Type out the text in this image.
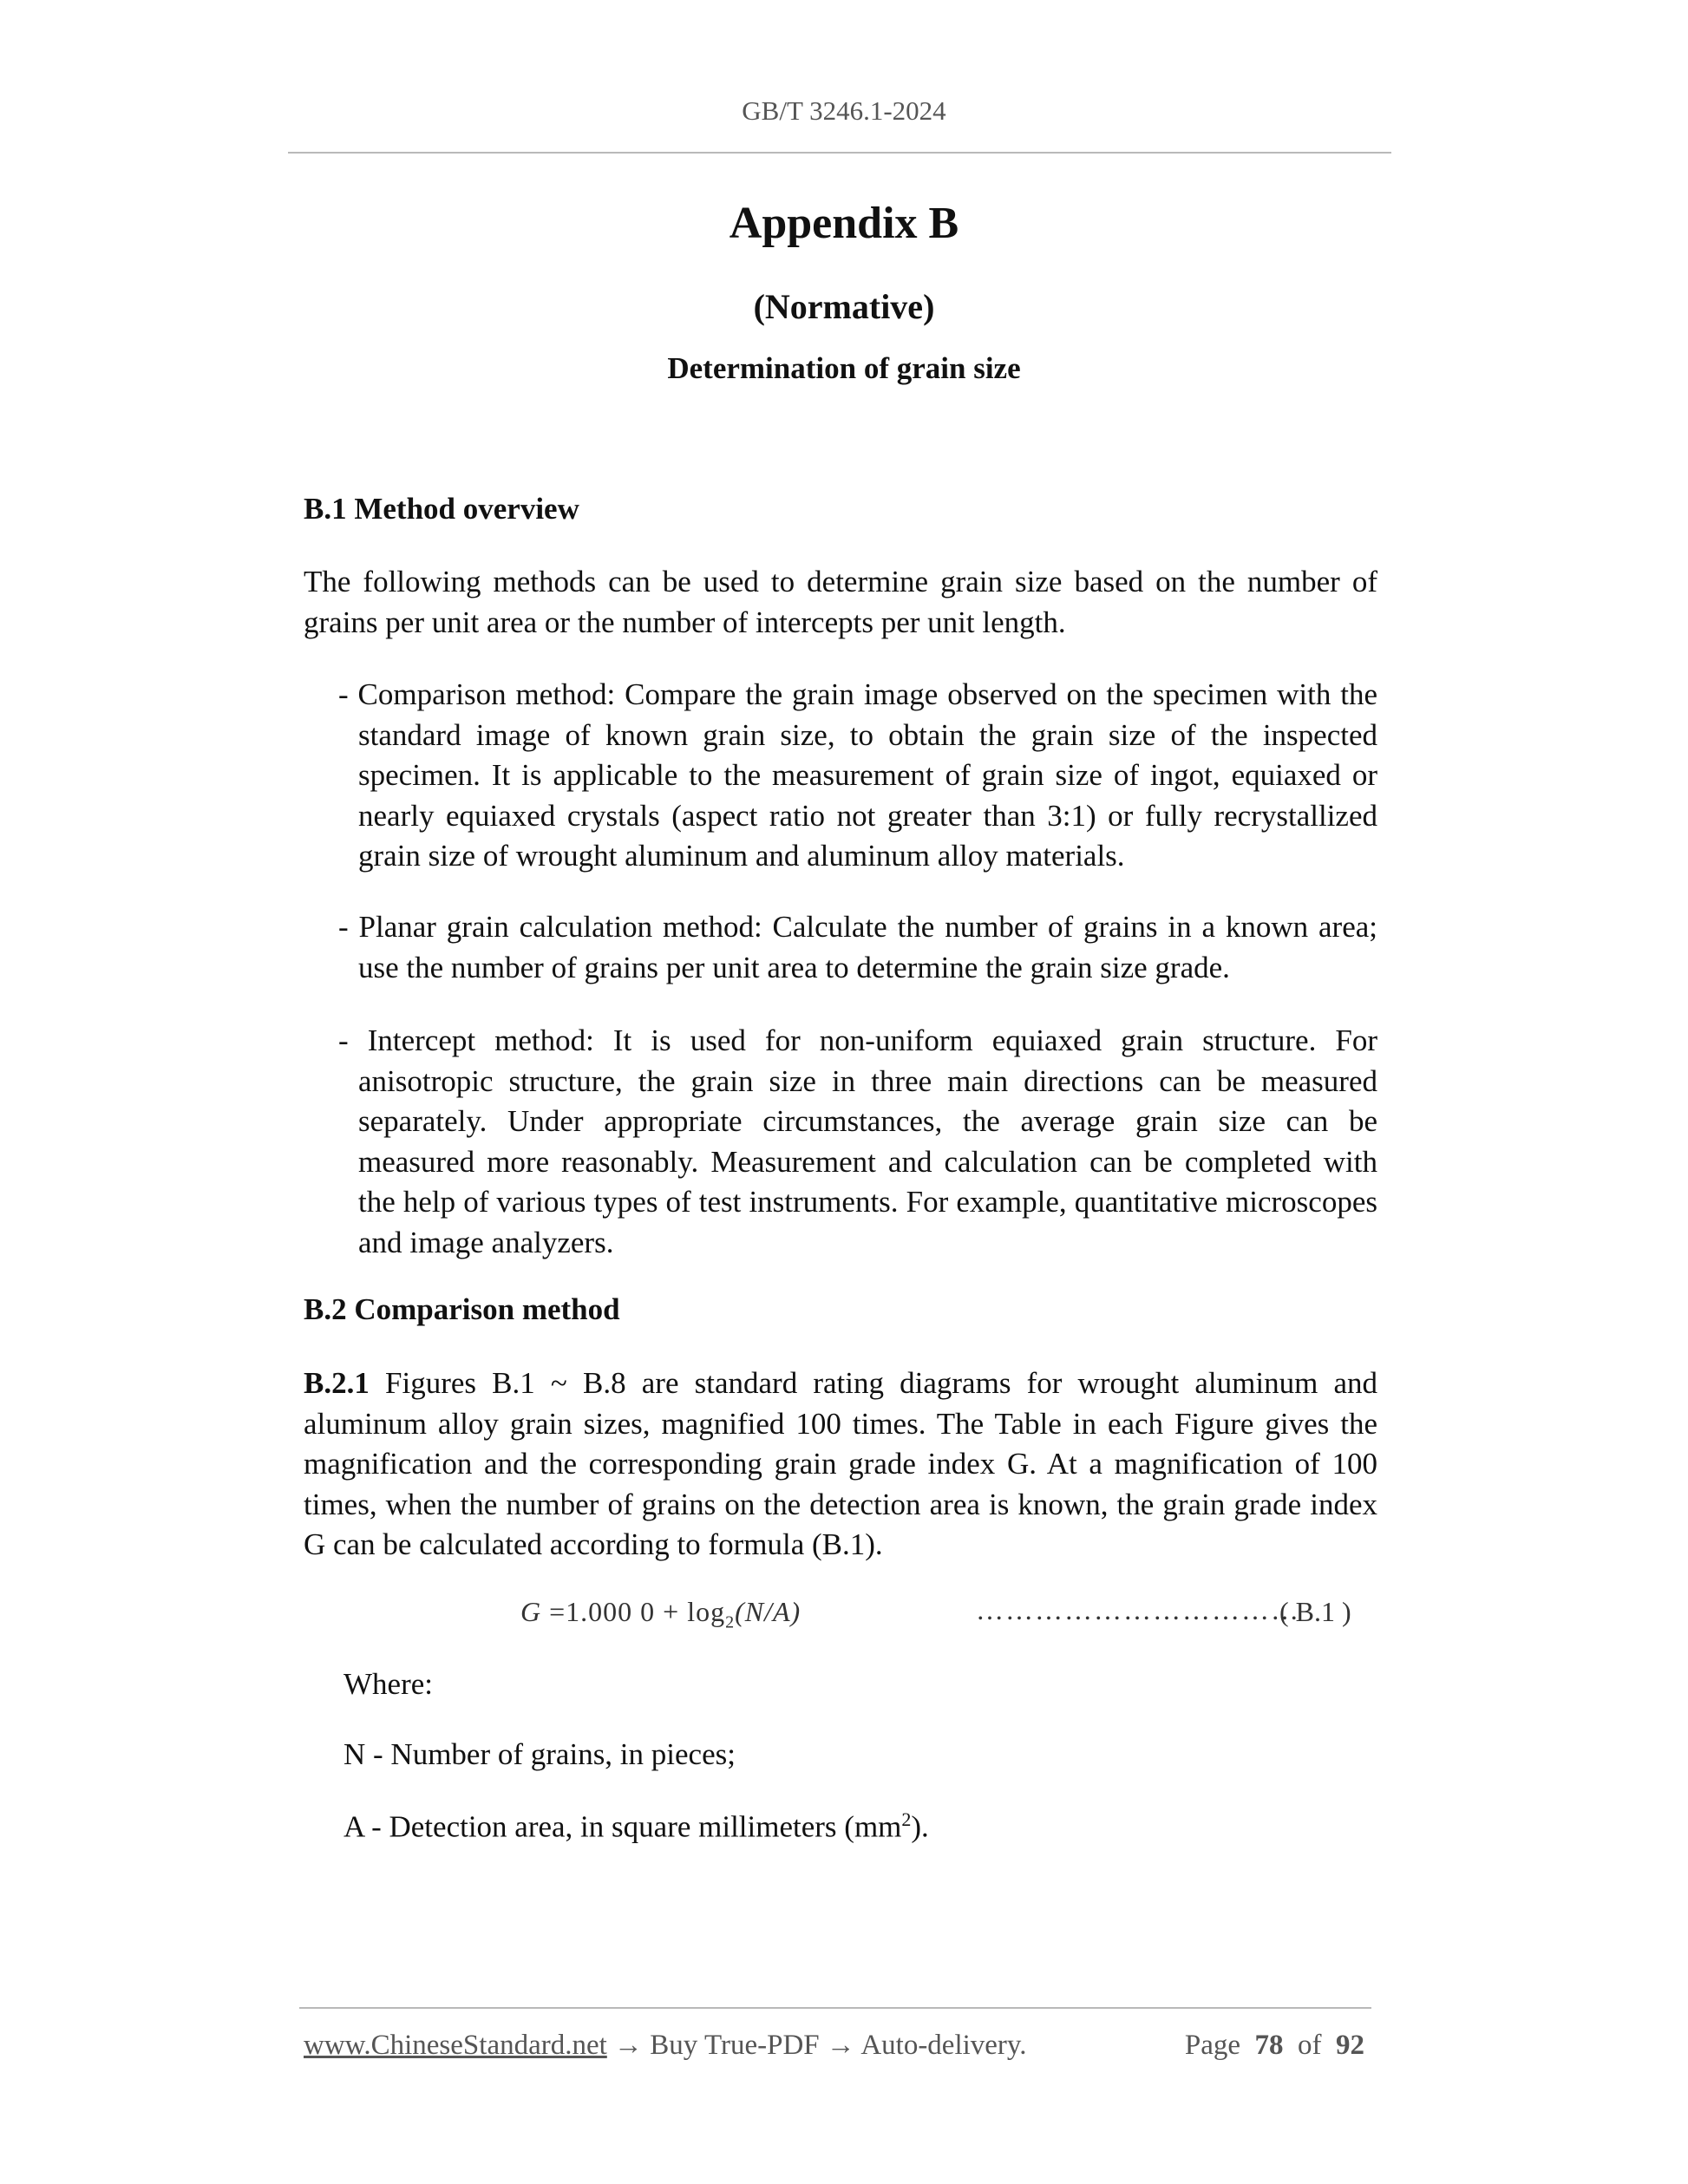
GB/T 3246.1-2024
Appendix B
(Normative)
Determination of grain size
B.1 Method overview
The following methods can be used to determine grain size based on the number of grains per unit area or the number of intercepts per unit length.
- Comparison method: Compare the grain image observed on the specimen with the standard image of known grain size, to obtain the grain size of the inspected specimen. It is applicable to the measurement of grain size of ingot, equiaxed or nearly equiaxed crystals (aspect ratio not greater than 3:1) or fully recrystallized grain size of wrought aluminum and aluminum alloy materials.
- Planar grain calculation method: Calculate the number of grains in a known area; use the number of grains per unit area to determine the grain size grade.
- Intercept method: It is used for non-uniform equiaxed grain structure. For anisotropic structure, the grain size in three main directions can be measured separately. Under appropriate circumstances, the average grain size can be measured more reasonably. Measurement and calculation can be completed with the help of various types of test instruments. For example, quantitative microscopes and image analyzers.
B.2 Comparison method
B.2.1 Figures B.1 ~ B.8 are standard rating diagrams for wrought aluminum and aluminum alloy grain sizes, magnified 100 times. The Table in each Figure gives the magnification and the corresponding grain grade index G. At a magnification of 100 times, when the number of grains on the detection area is known, the grain grade index G can be calculated according to formula (B.1).
G =1.000 $0 + \log_2(N/A)$	……………………………
( B.1 )
Where:
N - Number of grains, in pieces;
A - Detection area, in square millimeters $(mm^2)$.
www.ChineseStandard.net → Buy True-PDF → Auto-delivery.	Page 78 of 92
